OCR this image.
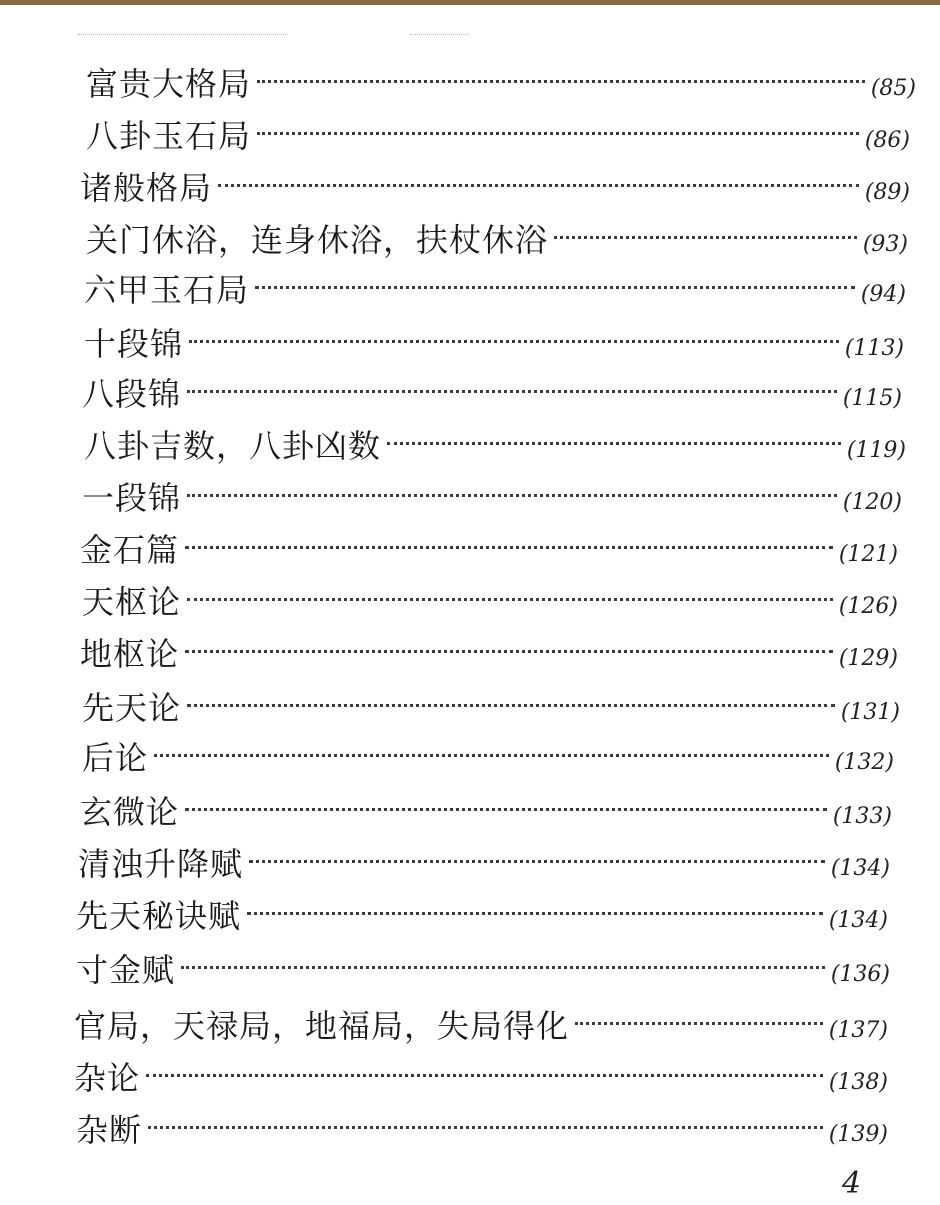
富贵大格局	(85)
八卦玉石局	(86)
诸般格局	(89)
关门休浴，连身休浴，扶杖休浴	(93)
六甲玉石局	(94)
十段锦	(113)
八段锦	(115)
八卦吉数，八卦凶数	(119)
一段锦	(120)
金石篇	(121)
天枢论	(126)
地枢论	(129)
先天论	(131)
后论	(132)
玄微论	(133)
清浊升降赋	(134)
先天秘诀赋	(134)
寸金赋	(136)
官局，天禄局，地福局，失局得化	(137)
杂论	(138)
杂断	(139)
4
